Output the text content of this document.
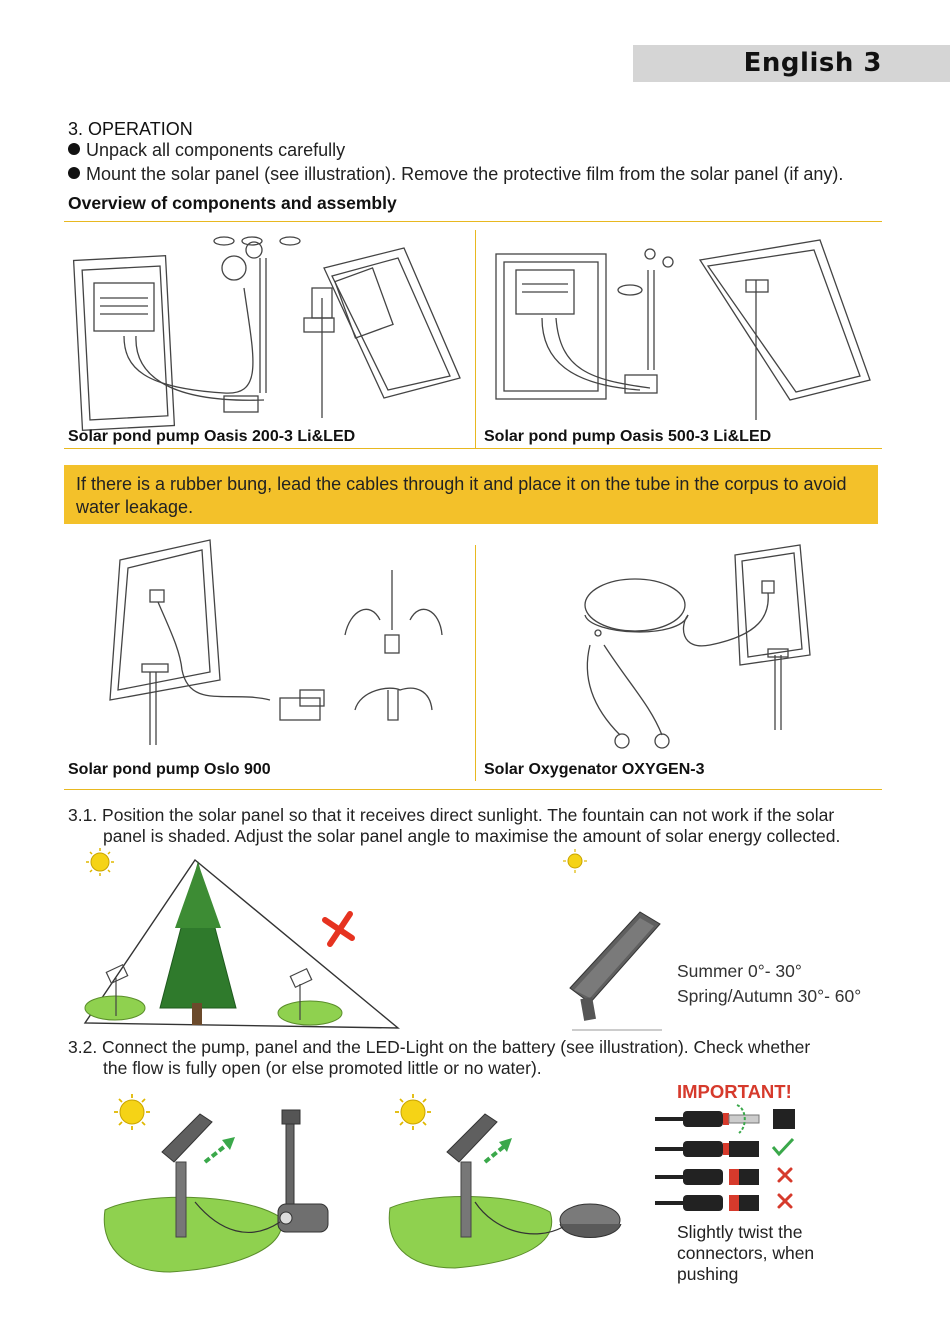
English 3
3. OPERATION
Unpack all components carefully
Mount the solar panel (see illustration). Remove the protective film from the solar panel (if any).
Overview of components and assembly
Solar pond pump Oasis 200-3 Li&LED	Solar pond pump Oasis 500-3 Li&LED
If there is a rubber bung, lead the cables through it and place it on the tube in the corpus to avoid water leakage.
Solar pond pump Oslo 900	Solar Oxygenator OXYGEN-3
3.1. Position the solar panel so that it receives direct sunlight. The fountain can not work if the solar
panel is shaded. Adjust the solar panel angle to maximise the amount of solar energy collected.
Summer 0°- 30°
Spring/Autumn 30°- 60°
3.2. Connect the pump, panel and the LED-Light on the battery (see illustration). Check whether
the flow is fully open (or else promoted little or no water).
IMPORTANT!
Slightly twist the
connectors, when
pushing
